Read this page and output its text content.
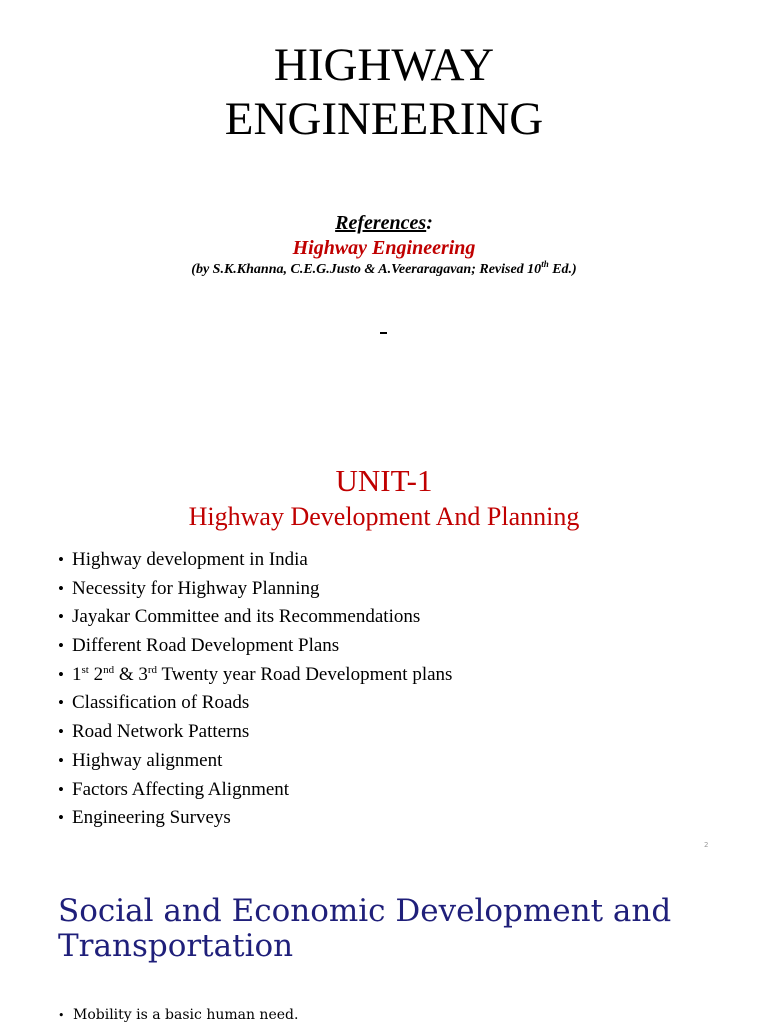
HIGHWAY
ENGINEERING
References:
Highway Engineering
(by S.K.Khanna, C.E.G.Justo & A.Veeraragavan; Revised 10th Ed.)
UNIT-1
Highway Development And Planning
• Highway development in India
• Necessity for Highway Planning
• Jayakar Committee and its Recommendations
• Different Road Development Plans
• 1st 2nd & 3rd Twenty year Road Development plans
• Classification of Roads
• Road Network Patterns
• Highway alignment
• Factors Affecting Alignment
• Engineering Surveys
2
Social and Economic Development and Transportation
• Mobility is a basic human need.
